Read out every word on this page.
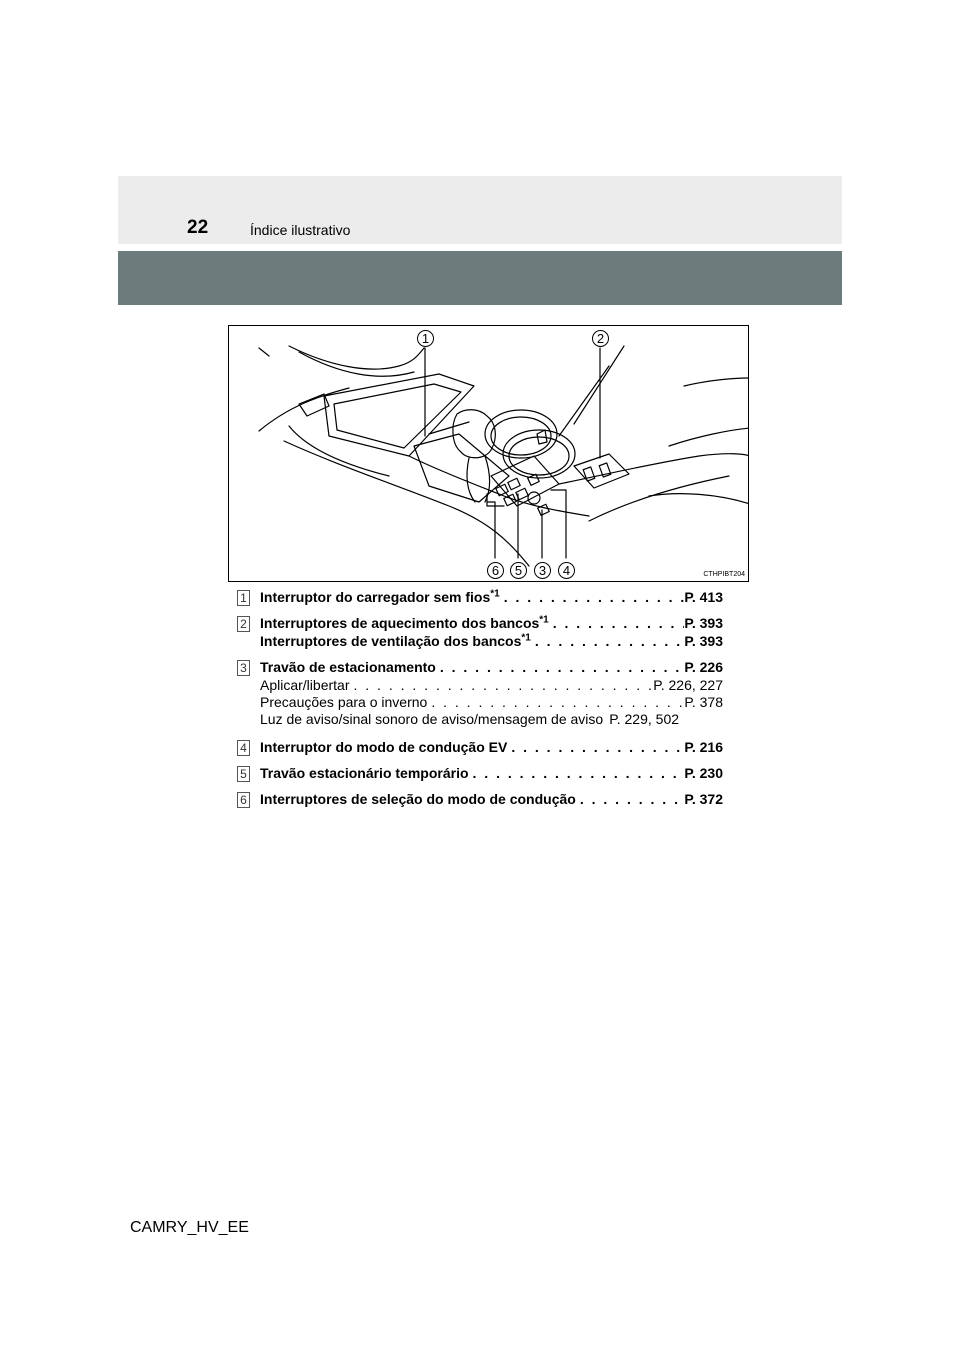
22	Índice ilustrativo
1	2
6	5	3	4	CTHPIBT204
1 Interruptor do carregador sem fios$^{*1}$ . . .	P. 413
2 Interruptores de aquecimento dos bancos$^{*1}$ . . .	P. 393
Interruptores de ventilação dos bancos$^{*1}$ . . .	P. 393
3 Travão de estacionamento . . .	P. 226
Aplicar/libertar . . .	P. 226, 227
Precauções para o inverno . . .	P. 378
Luz de aviso/sinal sonoro de aviso/mensagem de aviso P. 229, 502
4 Interruptor do modo de condução EV . . .	P. 216
5 Travão estacionário temporário . . .	P. 230
6 Interruptores de seleção do modo de condução . . .	P. 372
CAMRY_HV_EE
